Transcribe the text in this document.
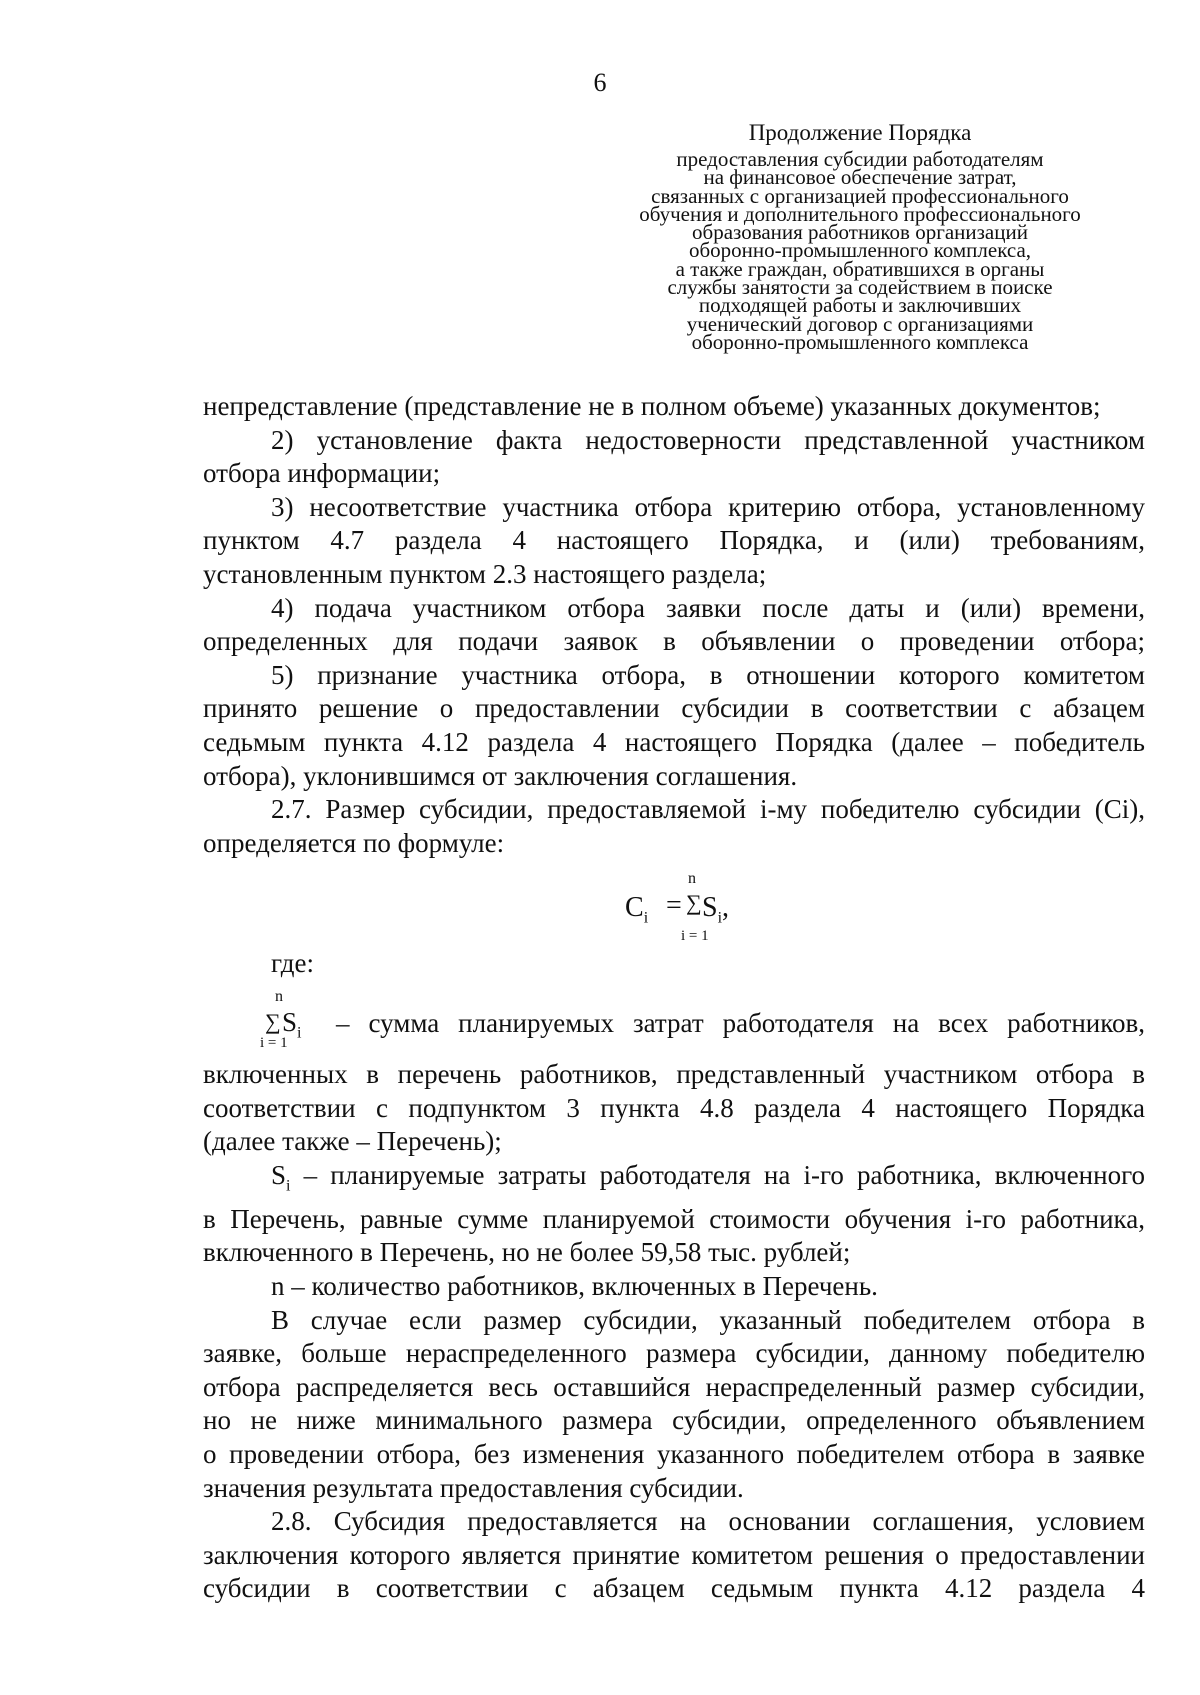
6
Продолжение Порядка
предоставления субсидии работодателям
на финансовое обеспечение затрат,
связанных с организацией профессионального
обучения и дополнительного профессионального
образования работников организаций
оборонно-промышленного комплекса,
а также граждан, обратившихся в органы
службы занятости за содействием в поиске
подходящей работы и заключивших
ученический договор с организациями
оборонно-промышленного комплекса

непредставление (представление не в полном объеме) указанных документов;

2) установление факта недостоверности представленной участником

отбора информации;

3) несоответствие участника отбора критерию отбора, установленному

пунктом 4.7 раздела 4 настоящего Порядка, и (или) требованиям,

установленным пунктом 2.3 настоящего раздела;

4) подача участником отбора заявки после даты и (или) времени,

определенных для подачи заявок в объявлении о проведении отбора;

5) признание участника отбора, в отношении которого комитетом

принято решение о предоставлении субсидии в соответствии с абзацем

седьмым пункта 4.12 раздела 4 настоящего Порядка (далее – победитель

отбора), уклонившимся от заключения соглашения.

2.7. Размер субсидии, предоставляемой i-му победителю субсидии (Ci),

определяется по формуле:

$C_i$ =
n
∑ $S_i$,
i = 1
где:
n
∑ $S_i$
i = 1
– сумма планируемых затрат работодателя на всех работников,

включенных в перечень работников, представленный участником отбора в

соответствии с подпунктом 3 пункта 4.8 раздела 4 настоящего Порядка

(далее также – Перечень);

$S_i$ – планируемые затраты работодателя на i-го работника, включенного

в Перечень, равные сумме планируемой стоимости обучения i-го работника,

включенного в Перечень, но не более 59,58 тыс. рублей;

n – количество работников, включенных в Перечень.

В случае если размер субсидии, указанный победителем отбора в

заявке, больше нераспределенного размера субсидии, данному победителю

отбора распределяется весь оставшийся нераспределенный размер субсидии,

но не ниже минимального размера субсидии, определенного объявлением

о проведении отбора, без изменения указанного победителем отбора в заявке

значения результата предоставления субсидии.

2.8. Субсидия предоставляется на основании соглашения, условием

заключения которого является принятие комитетом решения о предоставлении

субсидии в соответствии с абзацем седьмым пункта 4.12 раздела 4
